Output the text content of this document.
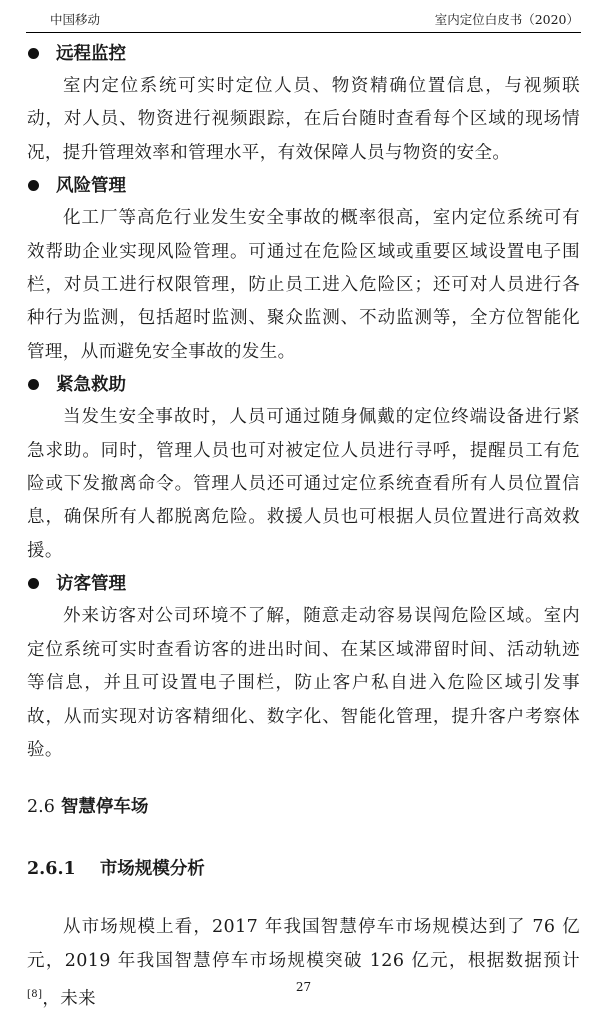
中国移动	室内定位白皮书（2020）
远程监控

室内定位系统可实时定位人员、物资精确位置信息，与视频联动，对人员、物资进行视频跟踪，在后台随时查看每个区域的现场情况，提升管理效率和管理水平，有效保障人员与物资的安全。

风险管理

化工厂等高危行业发生安全事故的概率很高，室内定位系统可有效帮助企业实现风险管理。可通过在危险区域或重要区域设置电子围栏，对员工进行权限管理，防止员工进入危险区；还可对人员进行各种行为监测，包括超时监测、聚众监测、不动监测等，全方位智能化管理，从而避免安全事故的发生。

紧急救助

当发生安全事故时，人员可通过随身佩戴的定位终端设备进行紧急求助。同时，管理人员也可对被定位人员进行寻呼，提醒员工有危险或下发撤离命令。管理人员还可通过定位系统查看所有人员位置信息，确保所有人都脱离危险。救援人员也可根据人员位置进行高效救援。

访客管理

外来访客对公司环境不了解，随意走动容易误闯危险区域。室内定位系统可实时查看访客的进出时间、在某区域滞留时间、活动轨迹等信息，并且可设置电子围栏，防止客户私自进入危险区域引发事故，从而实现对访客精细化、数字化、智能化管理，提升客户考察体验。

2.6 智慧停车场
2.6.1 市场规模分析

从市场规模上看，2017 年我国智慧停车市场规模达到了 76 亿元，2019 年我国智慧停车市场规模突破 126 亿元，根据数据预计[8]，未来

27
